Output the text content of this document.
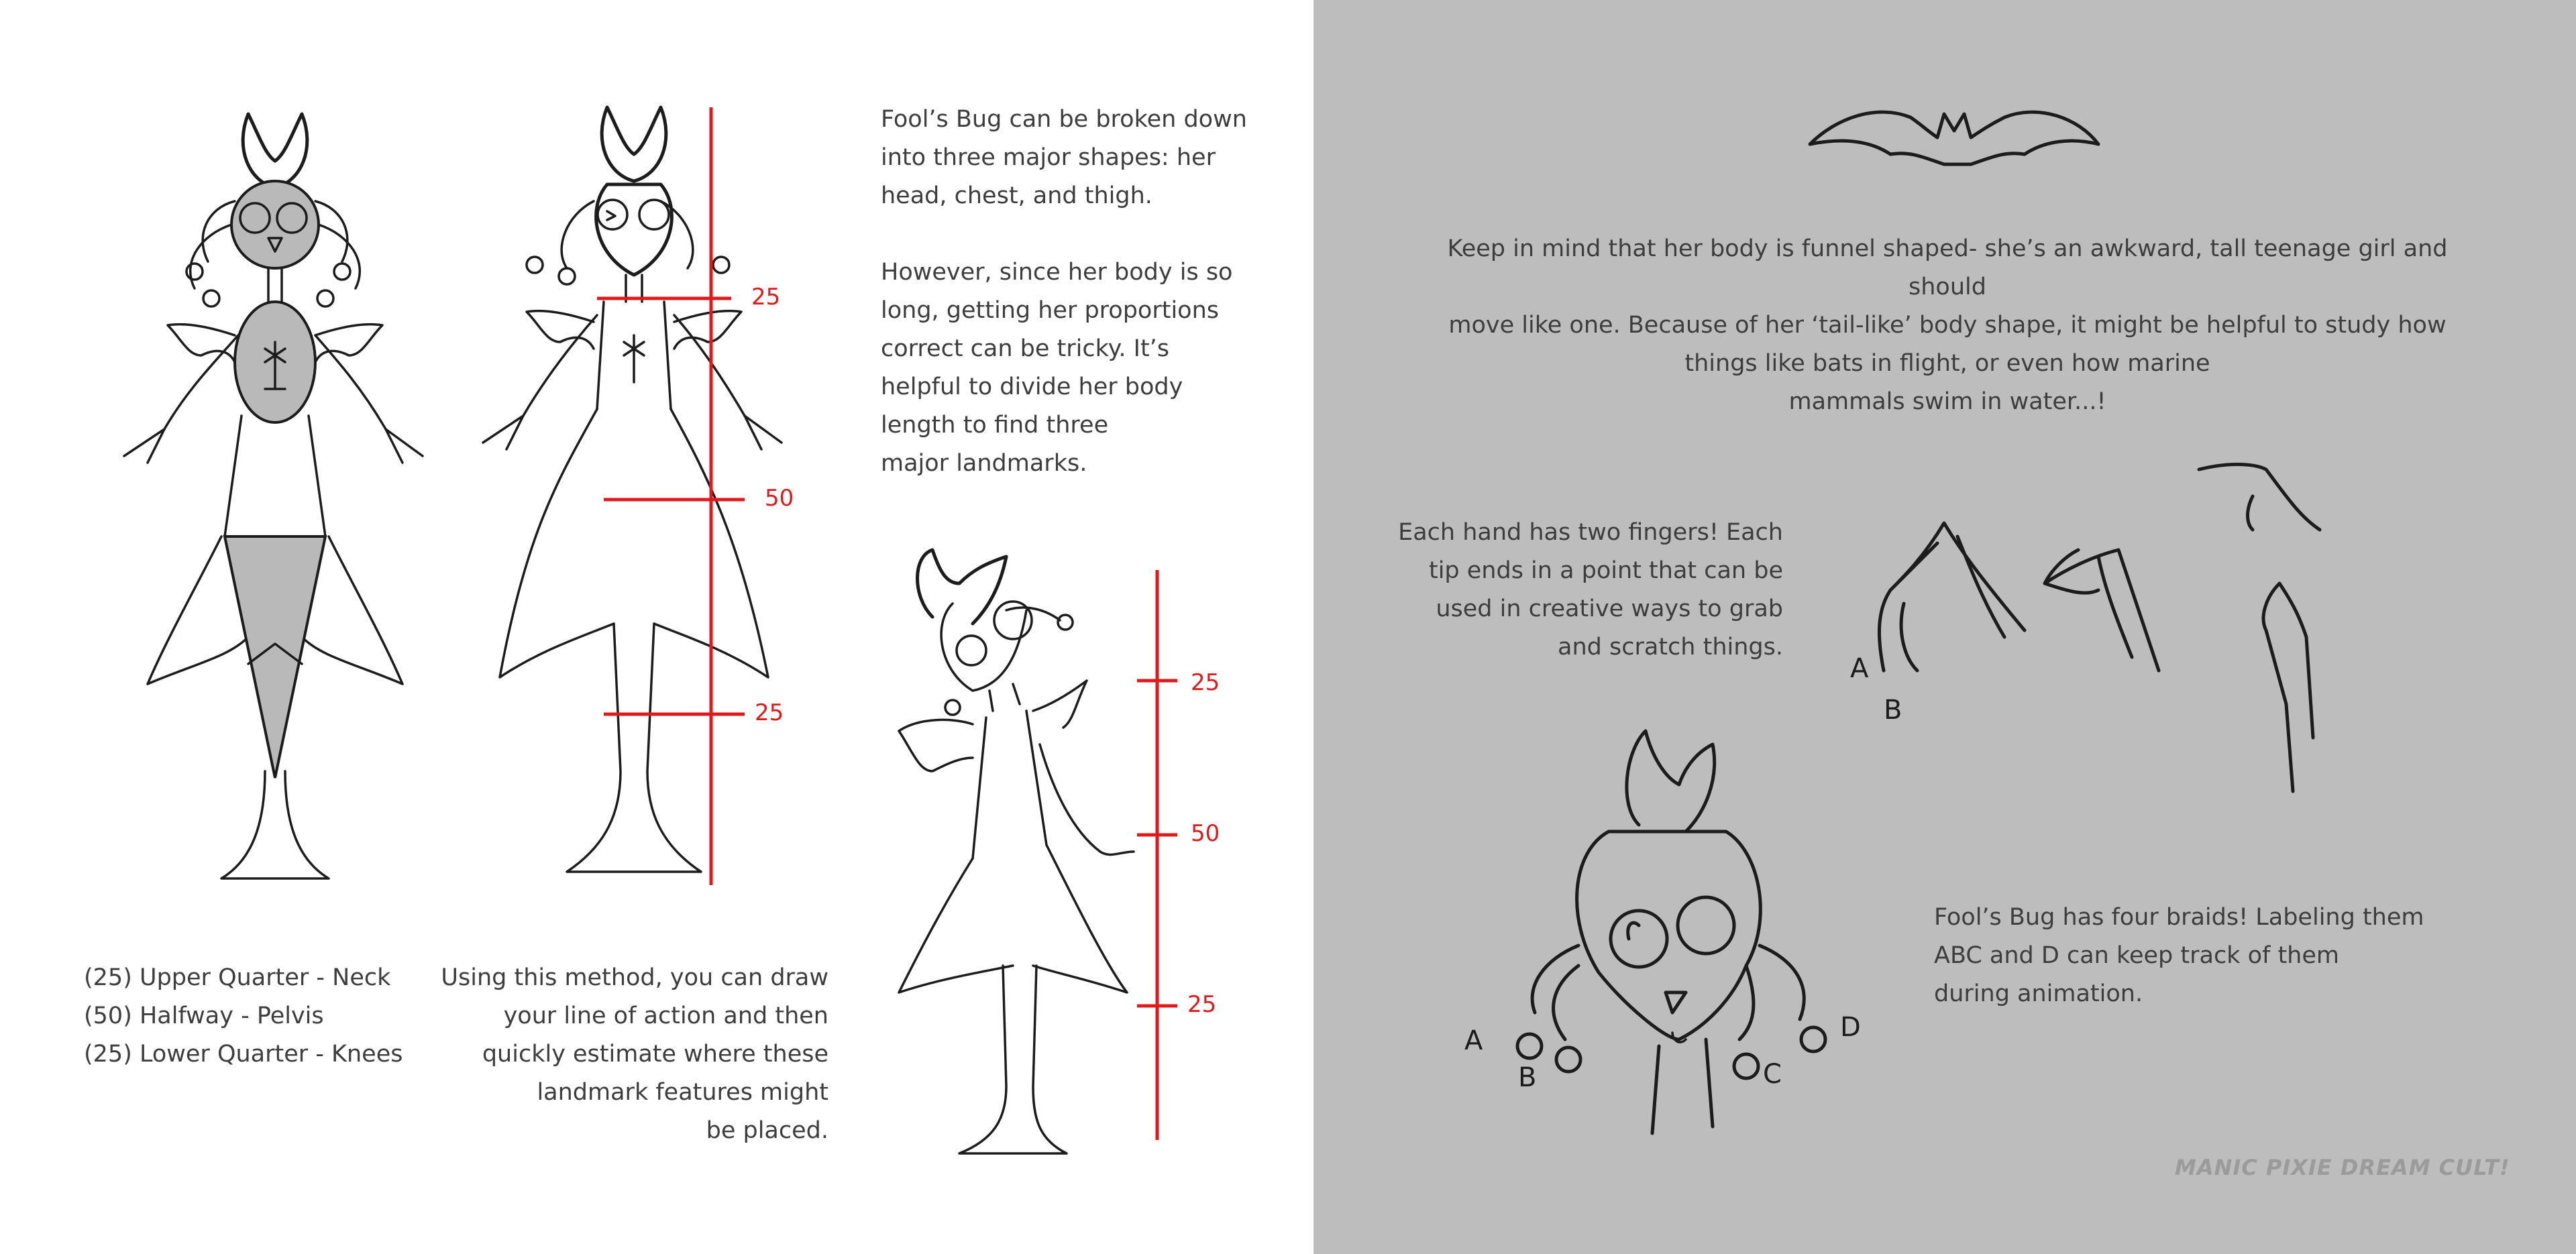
25
50
25
25
50
25
Fool’s Bug can be broken down
into three major shapes: her
head, chest, and thigh.

However, since her body is so
long, getting her proportions
correct can be tricky. It’s
helpful to divide her body
length to find three
major landmarks.
(25) Upper Quarter - Neck
(50) Halfway - Pelvis
(25) Lower Quarter - Knees
Using this method, you can draw
your line of action and then
quickly estimate where these
landmark features might
be placed.
Keep in mind that her body is funnel shaped- she’s an awkward, tall teenage girl and should
move like one. Because of her ‘tail-like’ body shape, it might be helpful to study how
things like bats in flight, or even how marine
mammals swim in water...!
Each hand has two fingers! Each
tip ends in a point that can be
used in creative ways to grab
and scratch things.
A
B
A
B	C
D
Fool’s Bug has four braids! Labeling them
ABC and D can keep track of them
during animation.
MANIC PIXIE DREAM CULT!
